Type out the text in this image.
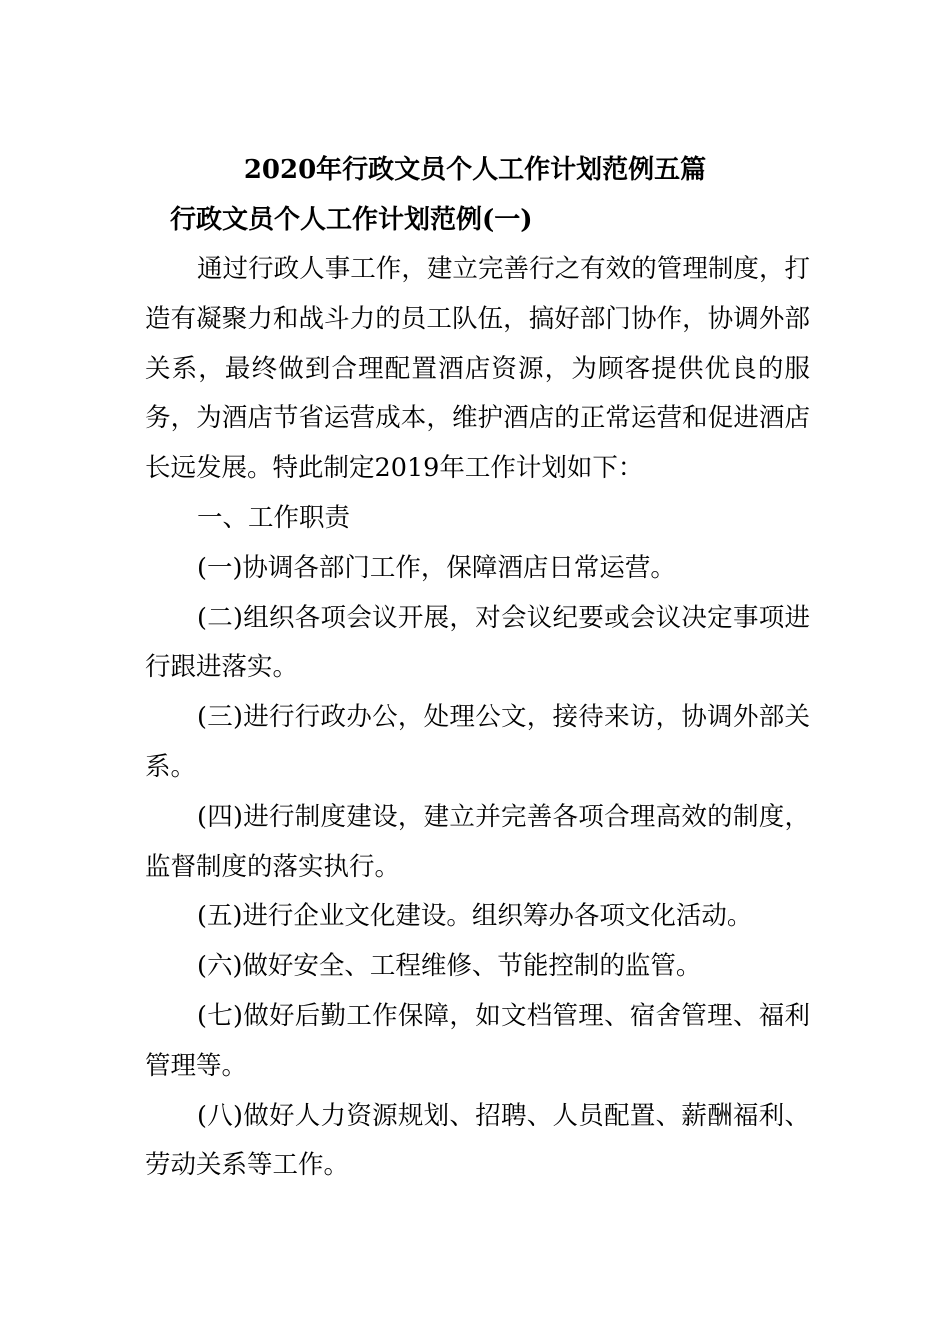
2020年行政文员个人工作计划范例五篇
行政文员个人工作计划范例(一)

通过行政人事工作，建立完善行之有效的管理制度，打造有凝聚力和战斗力的员工队伍，搞好部门协作，协调外部关系，最终做到合理配置酒店资源，为顾客提供优良的服务，为酒店节省运营成本，维护酒店的正常运营和促进酒店长远发展。特此制定2019年工作计划如下：

一、工作职责

(一)协调各部门工作，保障酒店日常运营。

(二)组织各项会议开展，对会议纪要或会议决定事项进行跟进落实。

(三)进行行政办公，处理公文，接待来访，协调外部关系。

(四)进行制度建设，建立并完善各项合理高效的制度，监督制度的落实执行。

(五)进行企业文化建设。组织筹办各项文化活动。

(六)做好安全、工程维修、节能控制的监管。

(七)做好后勤工作保障，如文档管理、宿舍管理、福利管理等。

(八)做好人力资源规划、招聘、人员配置、薪酬福利、劳动关系等工作。
